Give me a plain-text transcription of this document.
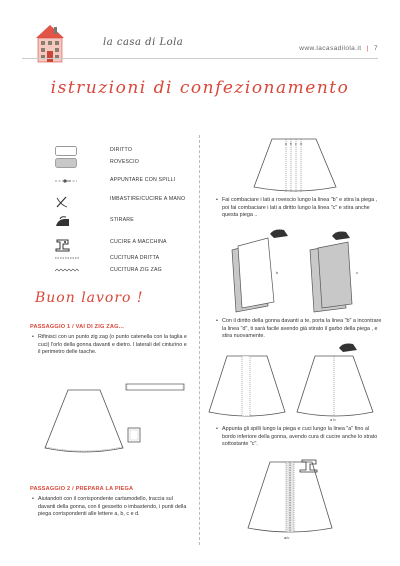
la casa di Lola
www.lacasadilola.it | 7
istruzioni di confezionamento
DIRITTO
ROVESCIO
APPUNTARE CON SPILLI
IMBASTIRE/CUCIRE A MANO
STIRARE
CUCIRE A MACCHINA
CUCITURA DRITTA
CUCITURA ZIG ZAG
Buon lavoro !
PASSAGGIO 1 / VAI DI ZIG ZAG...
• Rifinisci con un punto zig zag (o punto catenella con la taglia e cuci) l'orlo della gonna davanti e dietro. I laterali del cinturino e il perimetro delle tasche.
PASSAGGIO 2 / PREPARA LA PIEGA
• Aiutandoti con il corrispondente cartamodello, traccia sul davanti della gonna, con il gessetto o imbastendo, i punti della piega corrispondenti alle lettere a, b, c e d.
a b c d
• Fai combaciare i lati a rovescio lungo la linea "b" e stira la piega , poi fai combaciare i lati a diritto lungo la linea "c" e stira anche questa piega ..
b	c
• Con il diritto della gonna davanti a te, porta la linea "b" a incontrare la linea "d", ti sarà facile avendo già stirato il garbo della piega , e stira nuovamente.
a b
• Appunta gli spilli lungo la piega e cuci lungo la linea "a" fino al bordo inferiore della gonna, avendo cura di cucire anche lo strato sottostante "c".
a/c
